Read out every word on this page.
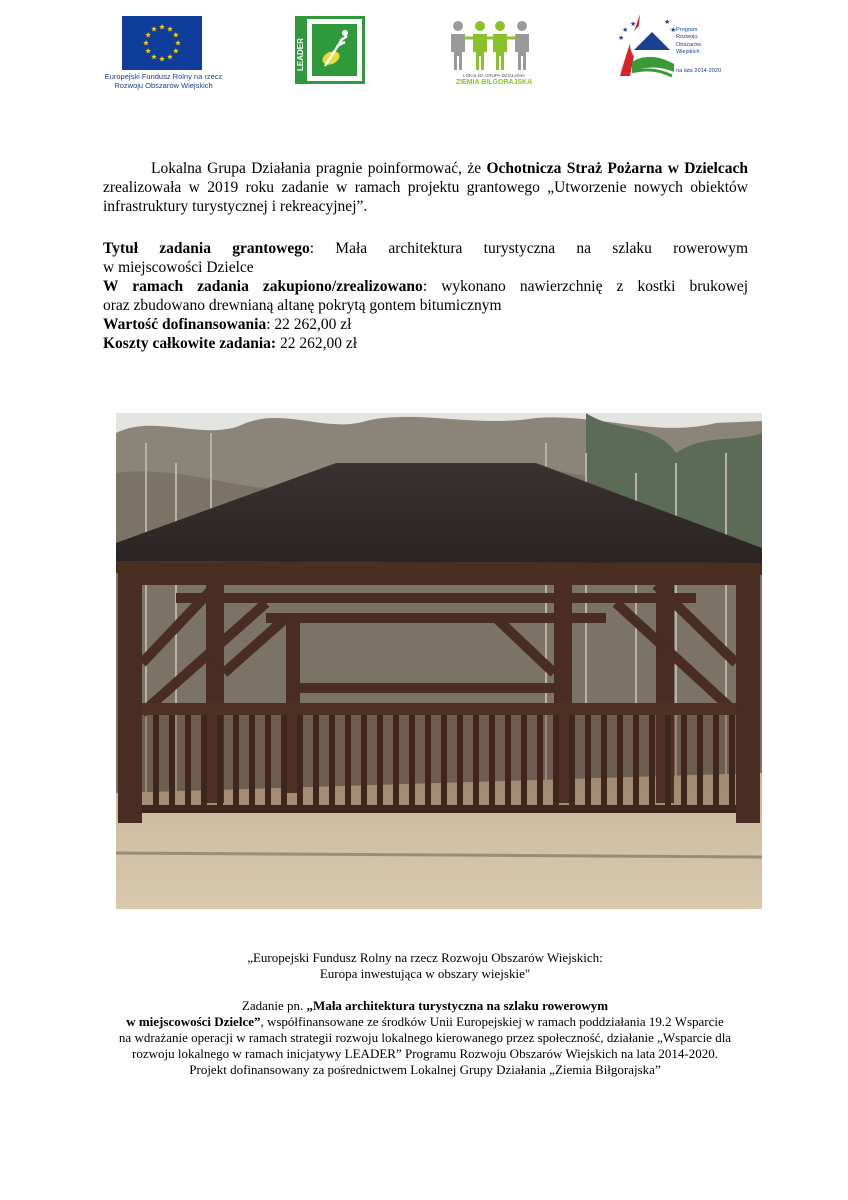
Europejski Fundusz Rolny na rzecz
Rozwoju Obszarów Wiejskich
LEADER
LOKALNA GRUPA DZIAŁANIA
ZIEMIA BIŁGORAJSKA
★
★
★	★
★ Program
Rozwoju
Obszarów
Wiejskich
na lata 2014-2020

Lokalna Grupa Działania pragnie poinformować, że Ochotnicza Straż Pożarna w Dzielcach zrealizowała w 2019 roku zadanie w ramach projektu grantowego „Utworzenie nowych obiektów infrastruktury turystycznej i rekreacyjnej”.

Tytuł zadania grantowego: Mała architektura turystyczna na szlaku rowerowym

w miejscowości Dzielce

W ramach zadania zakupiono/zrealizowano: wykonano nawierzchnię z kostki brukowej

oraz zbudowano drewnianą altanę pokrytą gontem bitumicznym

Wartość dofinansowania: 22 262,00 zł

Koszty całkowite zadania: 22 262,00 zł

„Europejski Fundusz Rolny na rzecz Rozwoju Obszarów Wiejskich:

Europa inwestująca w obszary wiejskie"

Zadanie pn. „Mała architektura turystyczna na szlaku rowerowym

w miejscowości Dzielce”, współfinansowane ze środków Unii Europejskiej w ramach poddziałania 19.2 Wsparcie

na wdrażanie operacji w ramach strategii rozwoju lokalnego kierowanego przez społeczność, działanie „Wsparcie dla

rozwoju lokalnego w ramach inicjatywy LEADER” Programu Rozwoju Obszarów Wiejskich na lata 2014-2020.

Projekt dofinansowany za pośrednictwem Lokalnej Grupy Działania „Ziemia Biłgorajska”
